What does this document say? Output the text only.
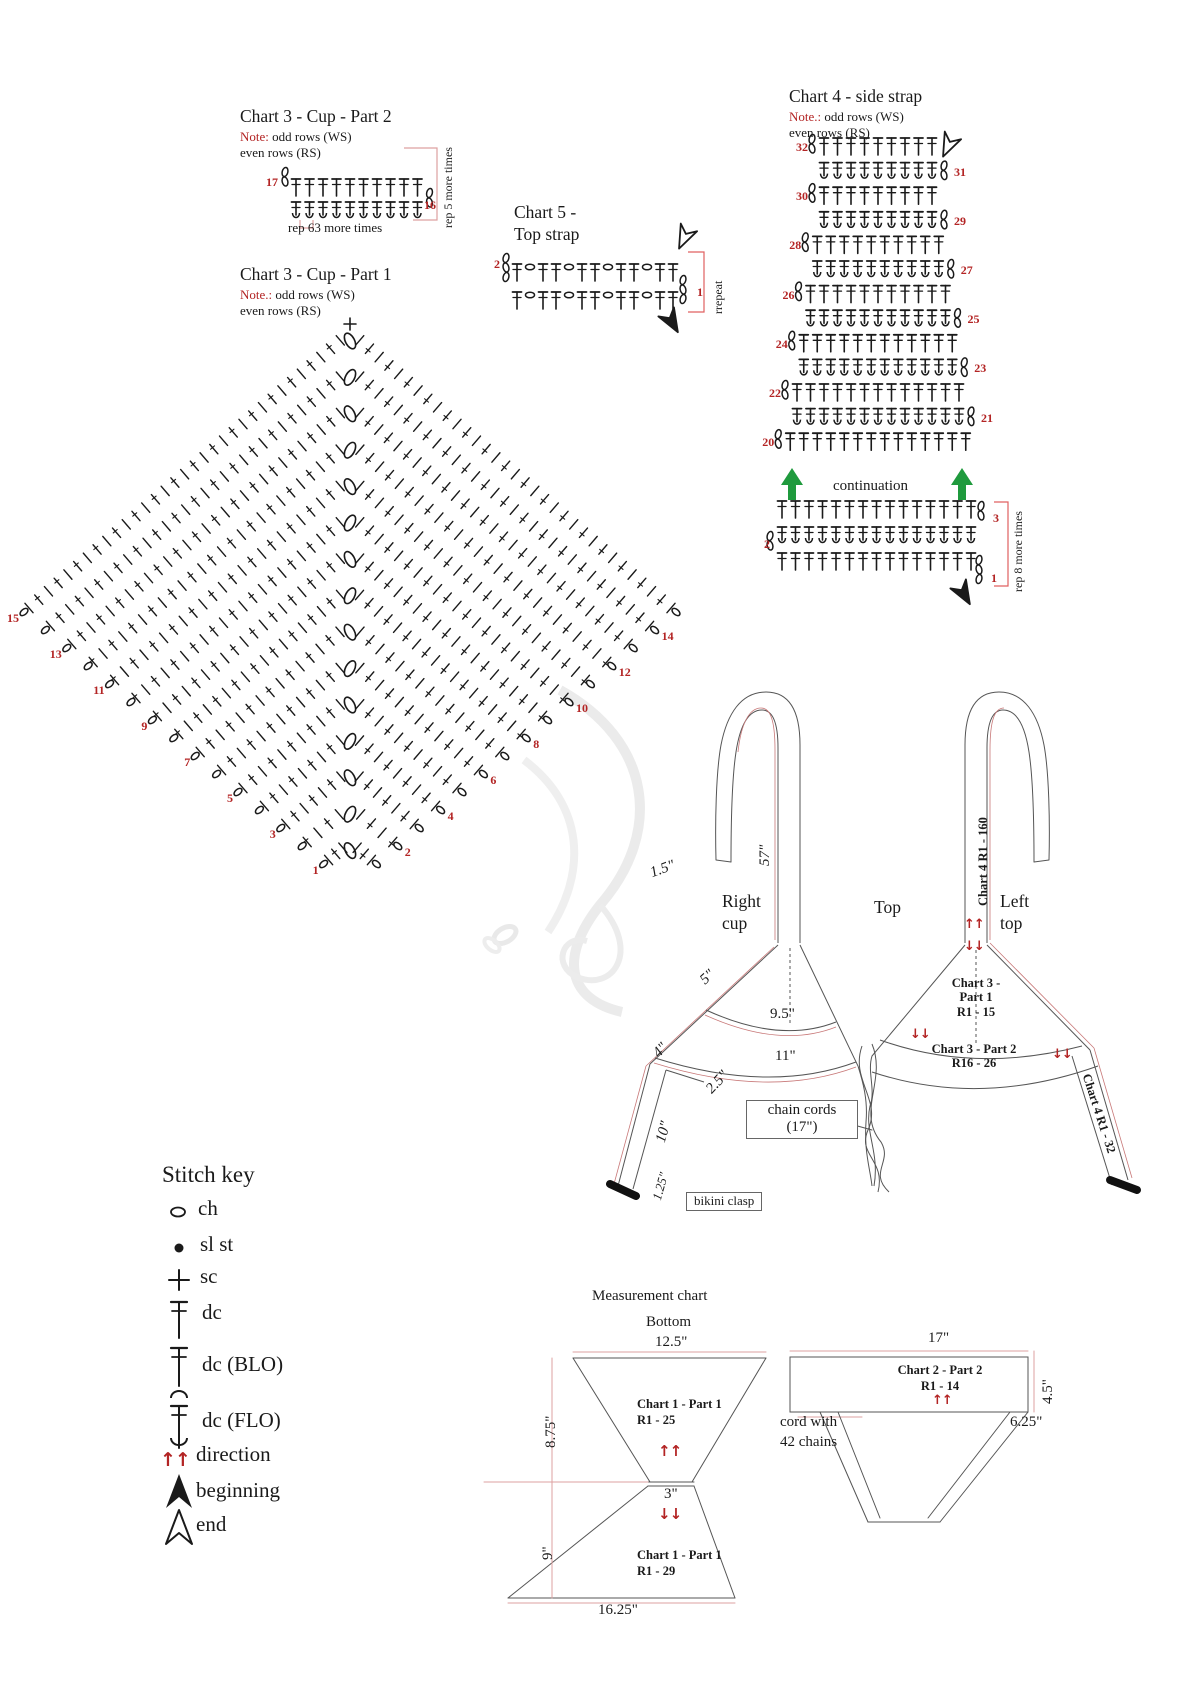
Chart 3 - Cup - Part 2
Note: odd rows (WS)
even rows (RS)
17
16
rep 63 more times	rep 5 more times
Chart 3 - Cup - Part 1
Note.: odd rows (WS)
even rows (RS)
Chart 5 -
Top strap
2
1 rrepeat
Chart 4 - side strap
Note.: odd rows (WS)
even rows (RS)
continuation
rep 8 more times
1.5"
57"
Right
cup
Top	Left
top
Chart 4 R1 - 160
↑↑
↓↓
5"
9.5"
4"	11"
2.5"
10"
1.25"
chain cords
(17")
bikini clasp
↓↓
↓↓
Chart 3 -
Part 1
R1 - 15
Chart 3 - Part 2
R16 - 26
Chart 4 R1 - 32
Stitch key
ch
sl st
sc
dc
dc (BLO)
dc (FLO)
↑↑ direction
beginning
end
Measurement chart
Bottom
12.5"
8.75"
Chart 1 - Part 1
R1 - 25
↑↑
3"
↓↓
9"	Chart 1 - Part 1
R1 - 29
16.25"
17"
Chart 2 - Part 2
R1 - 14
↑↑	4.5"
cord with
42 chains
6.25"
32
31
30
29
28
27
26
25
24
23
22
21
20
3
2
1
1
3
5
7
9
11
13
15
2
4
6
8
10
12
14
